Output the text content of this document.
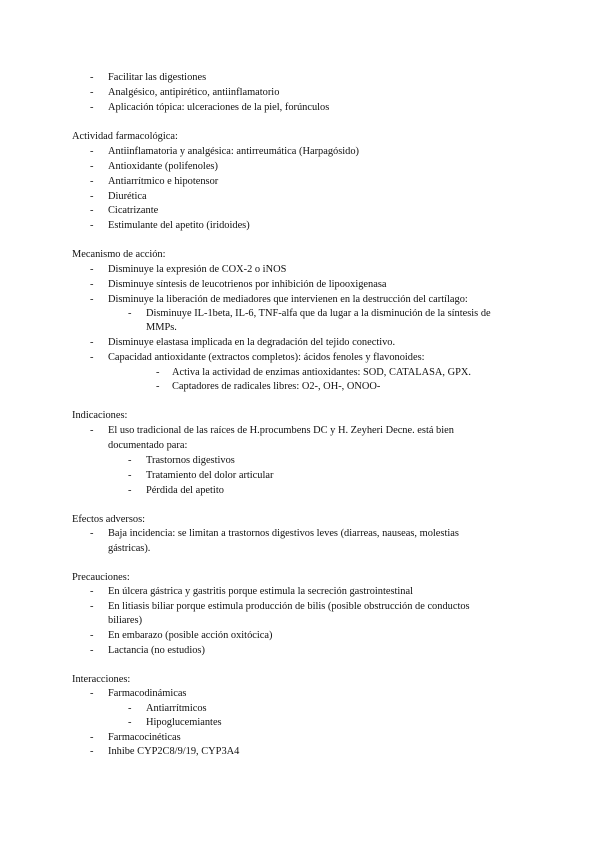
-	Facilitar las digestiones
-	Analgésico, antipirético, antiinflamatorio
-	Aplicación tópica: ulceraciones de la piel, forúnculos
Actividad farmacológica:
-	Antiinflamatoria y analgésica: antirreumática (Harpagósido)
-	Antioxidante (polifenoles)
-	Antiarrítmico e hipotensor
-	Diurética
-	Cicatrizante
-	Estimulante del apetito (iridoides)
Mecanismo de acción:
-	Disminuye la expresión de COX-2 o iNOS
-	Disminuye síntesis de leucotrienos por inhibición de lipooxigenasa
-	Disminuye la liberación de mediadores que intervienen en la destrucción del cartílago:
-	Disminuye IL-1beta, IL-6, TNF-alfa que da lugar a la disminución de la síntesis de
MMPs.
-	Disminuye elastasa implicada en la degradación del tejido conectivo.
-	Capacidad antioxidante (extractos completos): ácidos fenoles y flavonoides:
-	Activa la actividad de enzimas antioxidantes: SOD, CATALASA, GPX.
-	Captadores de radicales libres: O2-, OH-, ONOO-
Indicaciones:
-	El uso tradicional de las raíces de H.procumbens DC y H. Zeyheri Decne. está bien
documentado para:
-	Trastornos digestivos
-	Tratamiento del dolor articular
-	Pérdida del apetito
Efectos adversos:
-	Baja incidencia: se limitan a trastornos digestivos leves (diarreas, nauseas, molestias
gástricas).
Precauciones:
-	En úlcera gástrica y gastritis porque estimula la secreción gastrointestinal
-	En litiasis biliar porque estimula producción de bilis (posible obstrucción de conductos
biliares)
-	En embarazo (posible acción oxitócica)
-	Lactancia (no estudios)
Interacciones:
-	Farmacodinámicas
-	Antiarrítmicos
-	Hipoglucemiantes
-	Farmacocinéticas
-	Inhibe CYP2C8/9/19, CYP3A4
